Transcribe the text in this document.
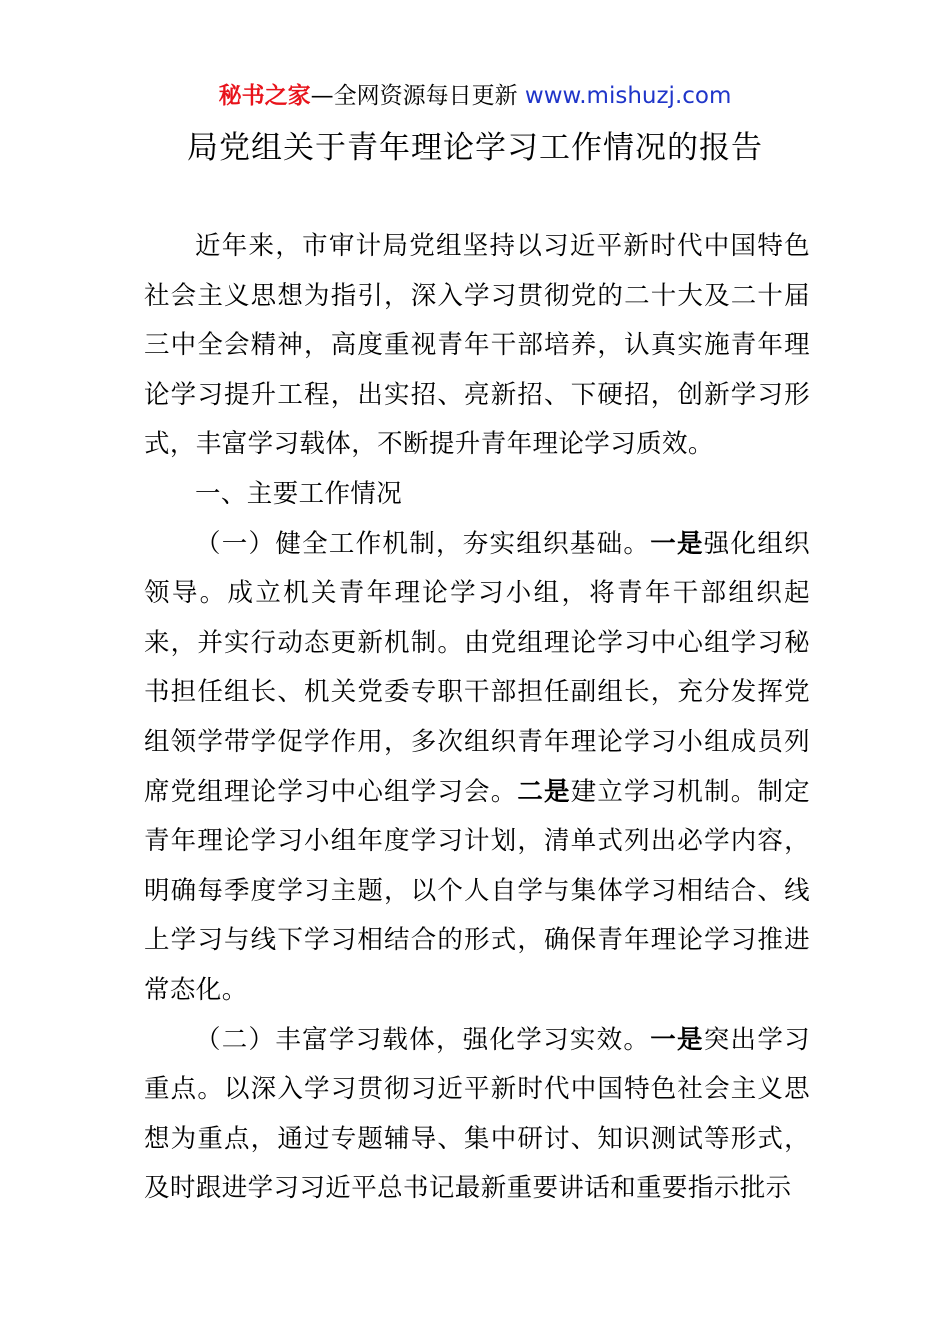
秘书之家—全网资源每日更新 www.mishuzj.com
局党组关于青年理论学习工作情况的报告

近年来，市审计局党组坚持以习近平新时代中国特色社会主义思想为指引，深入学习贯彻党的二十大及二十届三中全会精神，高度重视青年干部培养，认真实施青年理论学习提升工程，出实招、亮新招、下硬招，创新学习形式，丰富学习载体，不断提升青年理论学习质效。

一、主要工作情况

（一）健全工作机制，夯实组织基础。一是强化组织领导。成立机关青年理论学习小组，将青年干部组织起来，并实行动态更新机制。由党组理论学习中心组学习秘书担任组长、机关党委专职干部担任副组长，充分发挥党组领学带学促学作用，多次组织青年理论学习小组成员列席党组理论学习中心组学习会。二是建立学习机制。制定青年理论学习小组年度学习计划，清单式列出必学内容，明确每季度学习主题，以个人自学与集体学习相结合、线上学习与线下学习相结合的形式，确保青年理论学习推进常态化。

（二）丰富学习载体，强化学习实效。一是突出学习重点。以深入学习贯彻习近平新时代中国特色社会主义思想为重点，通过专题辅导、集中研讨、知识测试等形式，及时跟进学习习近平总书记最新重要讲话和重要指示批示
